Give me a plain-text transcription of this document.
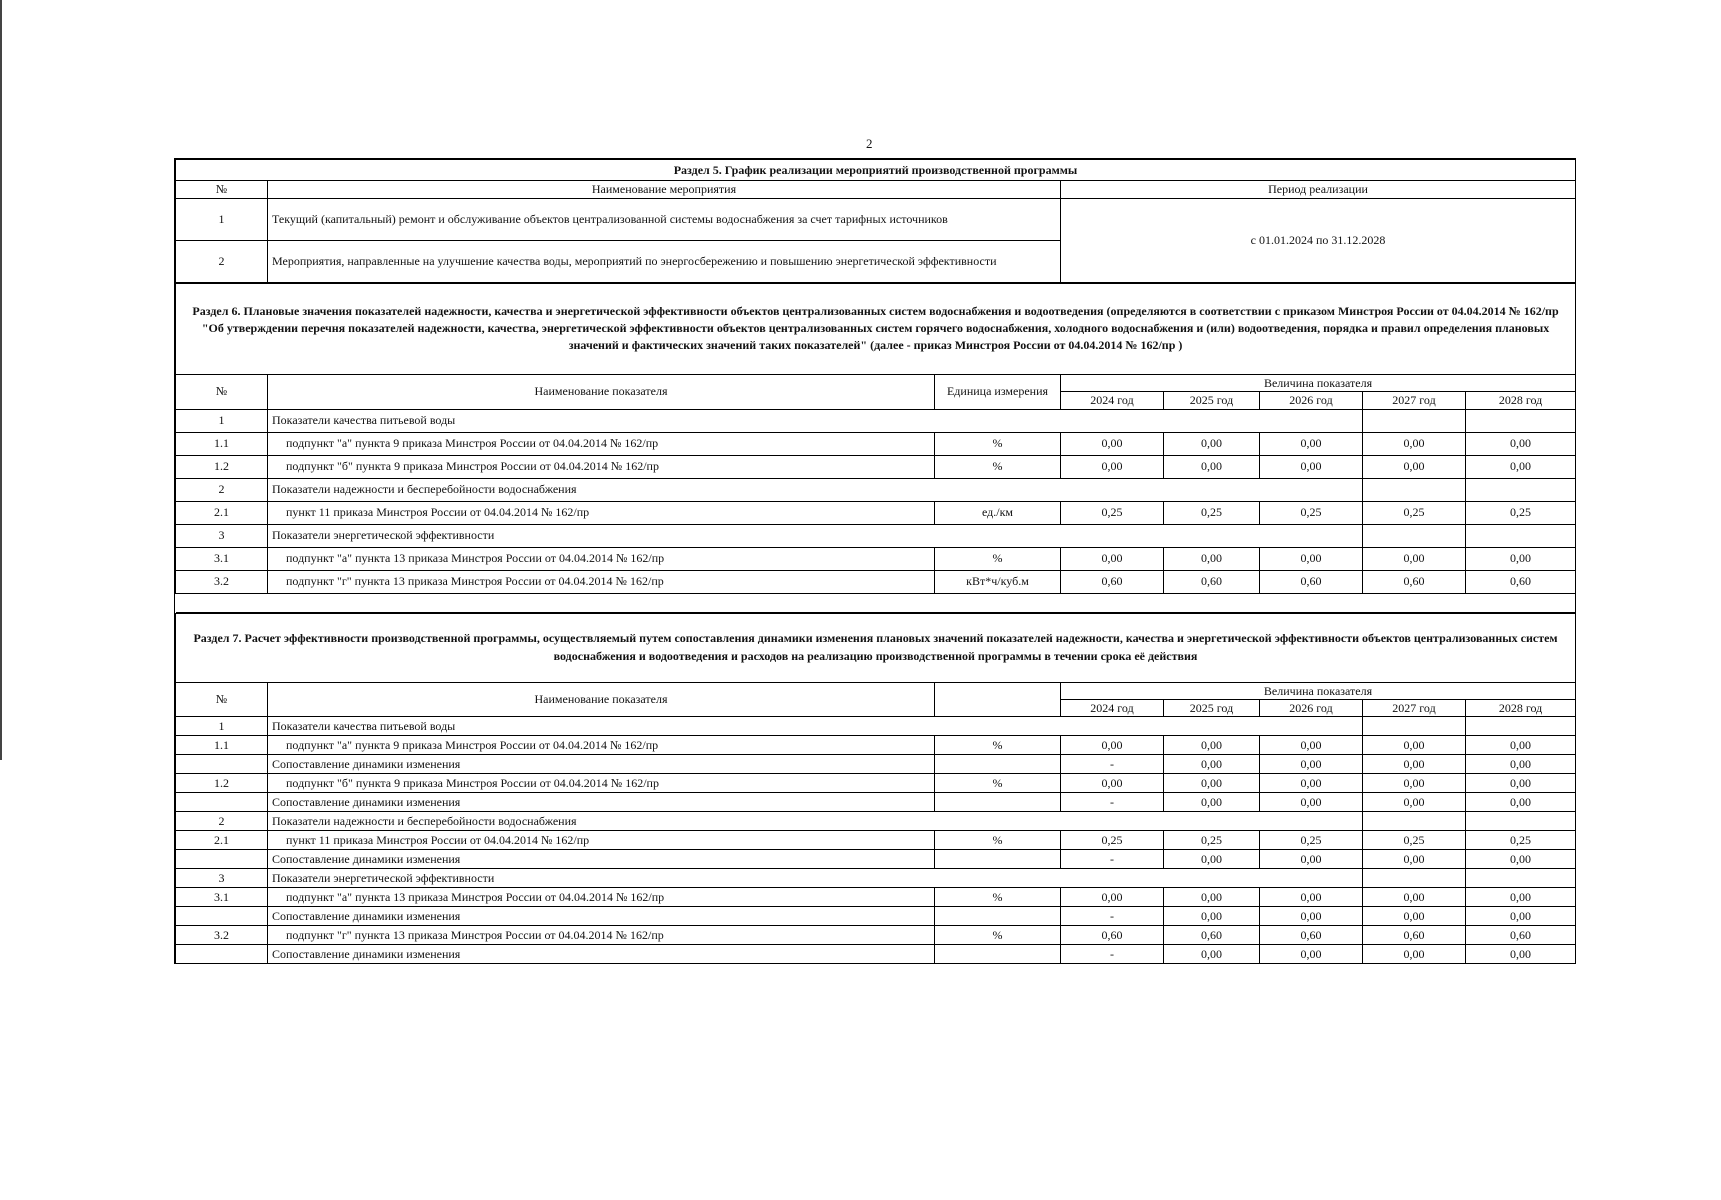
2
Раздел 5. График реализации мероприятий производственной программы		
№	Наименование мероприятия	Период реализации
1	Текущий (капитальный) ремонт и обслуживание объектов централизованной системы водоснабжения за счет тарифных источников	с 01.01.2024 по 31.12.2028
2	Мероприятия, направленные на улучшение качества воды, мероприятий по энергосбережению и повышению энергетической эффективности	
Раздел 6. Плановые значения показателей надежности, качества и энергетической эффективности объектов централизованных систем водоснабжения и водоотведения (определяются в соответствии с приказом Минстроя России от 04.04.2014 № 162/пр "Об утверждении перечня показателей надежности, качества, энергетической эффективности объектов централизованных систем горячего водоснабжения, холодного водоснабжения и (или) водоотведения, порядка и правил определения плановых значений и фактических значений таких показателей" (далее - приказ Минстроя России от 04.04.2014 № 162/пр )							
№	Наименование показателя	Единица измерения	Величина показателя				
			2024 год	2025 год	2026 год	2027 год	2028 год
1	Показатели качества питьевой воды						
1.1	подпункт "а" пункта 9 приказа Минстроя России от 04.04.2014 № 162/пр	%	0,00	0,00	0,00	0,00	0,00
1.2	подпункт "б" пункта 9 приказа Минстроя России от 04.04.2014 № 162/пр	%	0,00	0,00	0,00	0,00	0,00
2	Показатели надежности и бесперебойности водоснабжения						
2.1	пункт 11 приказа Минстроя России от 04.04.2014 № 162/пр	ед./км	0,25	0,25	0,25	0,25	0,25
3	Показатели энергетической эффективности						
3.1	подпункт "а" пункта 13 приказа Минстроя России от 04.04.2014 № 162/пр	%	0,00	0,00	0,00	0,00	0,00
3.2	подпункт "г" пункта 13 приказа Минстроя России от 04.04.2014 № 162/пр	кВт*ч/куб.м	0,60	0,60	0,60	0,60	0,60

Раздел 7. Расчет эффективности производственной программы, осуществляемый путем сопоставления динамики изменения плановых значений показателей надежности, качества и энергетической эффективности объектов централизованных систем водоснабжения и водоотведения и расходов на реализацию производственной программы в течении срока её действия							
№	Наименование показателя		Величина показателя				
			2024 год	2025 год	2026 год	2027 год	2028 год
1	Показатели качества питьевой воды						
1.1	подпункт "а" пункта 9 приказа Минстроя России от 04.04.2014 № 162/пр	%	0,00	0,00	0,00	0,00	0,00
	Сопоставление динамики изменения		-	0,00	0,00	0,00	0,00
1.2	подпункт "б" пункта 9 приказа Минстроя России от 04.04.2014 № 162/пр	%	0,00	0,00	0,00	0,00	0,00
	Сопоставление динамики изменения		-	0,00	0,00	0,00	0,00
2	Показатели надежности и бесперебойности водоснабжения						
2.1	пункт 11 приказа Минстроя России от 04.04.2014 № 162/пр	%	0,25	0,25	0,25	0,25	0,25
	Сопоставление динамики изменения		-	0,00	0,00	0,00	0,00
3	Показатели энергетической эффективности						
3.1	подпункт "а" пункта 13 приказа Минстроя России от 04.04.2014 № 162/пр	%	0,00	0,00	0,00	0,00	0,00
	Сопоставление динамики изменения		-	0,00	0,00	0,00	0,00
3.2	подпункт "г" пункта 13 приказа Минстроя России от 04.04.2014 № 162/пр	%	0,60	0,60	0,60	0,60	0,60
	Сопоставление динамики изменения		-	0,00	0,00	0,00	0,00
